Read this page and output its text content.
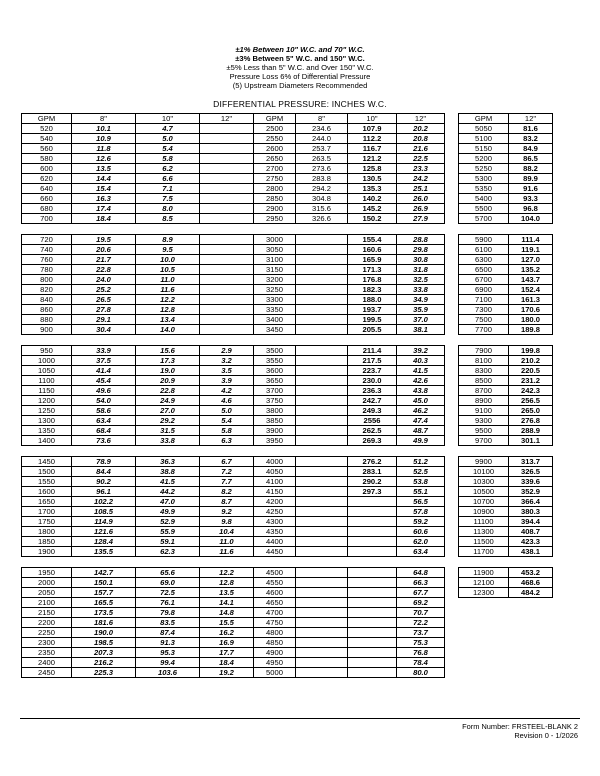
±1% Between 10" W.C. and 70" W.C.
±3% Between 5" W.C. and 150" W.C.
±5% Less than 5" W.C. and Over 150" W.C.
Pressure Loss 6% of Differential Pressure
(5) Upstream Diameters Recommended
DIFFERENTIAL PRESSURE: INCHES W.C.
GPM	8"	10"	12"

520	10.1	4.7	
540	10.9	5.0	
560	11.8	5.4	
580	12.6	5.8	
600	13.5	6.2	
620	14.4	6.6	
640	15.4	7.1	
660	16.3	7.5	
680	17.4	8.0	
700	18.4	8.5	

720	19.5	8.9	
740	20.6	9.5	
760	21.7	10.0	
780	22.8	10.5	
800	24.0	11.0	
820	25.2	11.6	
840	26.5	12.2	
860	27.8	12.8	
880	29.1	13.4	
900	30.4	14.0	

950	33.9	15.6	2.9
1000	37.5	17.3	3.2
1050	41.4	19.0	3.5
1100	45.4	20.9	3.9
1150	49.6	22.8	4.2
1200	54.0	24.9	4.6
1250	58.6	27.0	5.0
1300	63.4	29.2	5.4
1350	68.4	31.5	5.8
1400	73.6	33.8	6.3

1450	78.9	36.3	6.7
1500	84.4	38.8	7.2
1550	90.2	41.5	7.7
1600	96.1	44.2	8.2
1650	102.2	47.0	8.7
1700	108.5	49.9	9.2
1750	114.9	52.9	9.8
1800	121.6	55.9	10.4
1850	128.4	59.1	11.0
1900	135.5	62.3	11.6

1950	142.7	65.6	12.2
2000	150.1	69.0	12.8
2050	157.7	72.5	13.5
2100	165.5	76.1	14.1
2150	173.5	79.8	14.8
2200	181.6	83.5	15.5
2250	190.0	87.4	16.2
2300	198.5	91.3	16.9
2350	207.3	95.3	17.7
2400	216.2	99.4	18.4
2450	225.3	103.6	19.2
GPM	8"	10"	12"

2500	234.6	107.9	20.2
2550	244.0	112.2	20.8
2600	253.7	116.7	21.6
2650	263.5	121.2	22.5
2700	273.6	125.8	23.3
2750	283.8	130.5	24.2
2800	294.2	135.3	25.1
2850	304.8	140.2	26.0
2900	315.6	145.2	26.9
2950	326.6	150.2	27.9

3000		155.4	28.8
3050		160.6	29.8
3100		165.9	30.8
3150		171.3	31.8
3200		176.8	32.5
3250		182.3	33.8
3300		188.0	34.9
3350		193.7	35.9
3400		199.5	37.0
3450		205.5	38.1

3500		211.4	39.2
3550		217.5	40.3
3600		223.7	41.5
3650		230.0	42.6
3700		236.3	43.8
3750		242.7	45.0
3800		249.3	46.2
3850		2556	47.4
3900		262.5	48.7
3950		269.3	49.9

4000		276.2	51.2
4050		283.1	52.5
4100		290.2	53.8
4150		297.3	55.1
4200			56.5
4250			57.8
4300			59.2
4350			60.6
4400			62.0
4450			63.4

4500			64.8
4550			66.3
4600			67.7
4650			69.2
4700			70.7
4750			72.2
4800			73.7
4850			75.3
4900			76.8
4950			78.4
5000			80.0
GPM	12"

5050	81.6
5100	83.2
5150	84.9
5200	86.5
5250	88.2
5300	89.9
5350	91.6
5400	93.3
5500	96.8
5700	104.0

5900	111.4
6100	119.1
6300	127.0
6500	135.2
6700	143.7
6900	152.4
7100	161.3
7300	170.6
7500	180.0
7700	189.8

7900	199.8
8100	210.2
8300	220.5
8500	231.2
8700	242.3
8900	256.5
9100	265.0
9300	276.8
9500	288.9
9700	301.1

9900	313.7
10100	326.5
10300	339.6
10500	352.9
10700	366.4
10900	380.3
11100	394.4
11300	408.7
11500	423.3
11700	438.1

11900	453.2
12100	468.6
12300	484.2
Form Number: FRSTEEL-BLANK 2
Revision 0 - 1/2026
